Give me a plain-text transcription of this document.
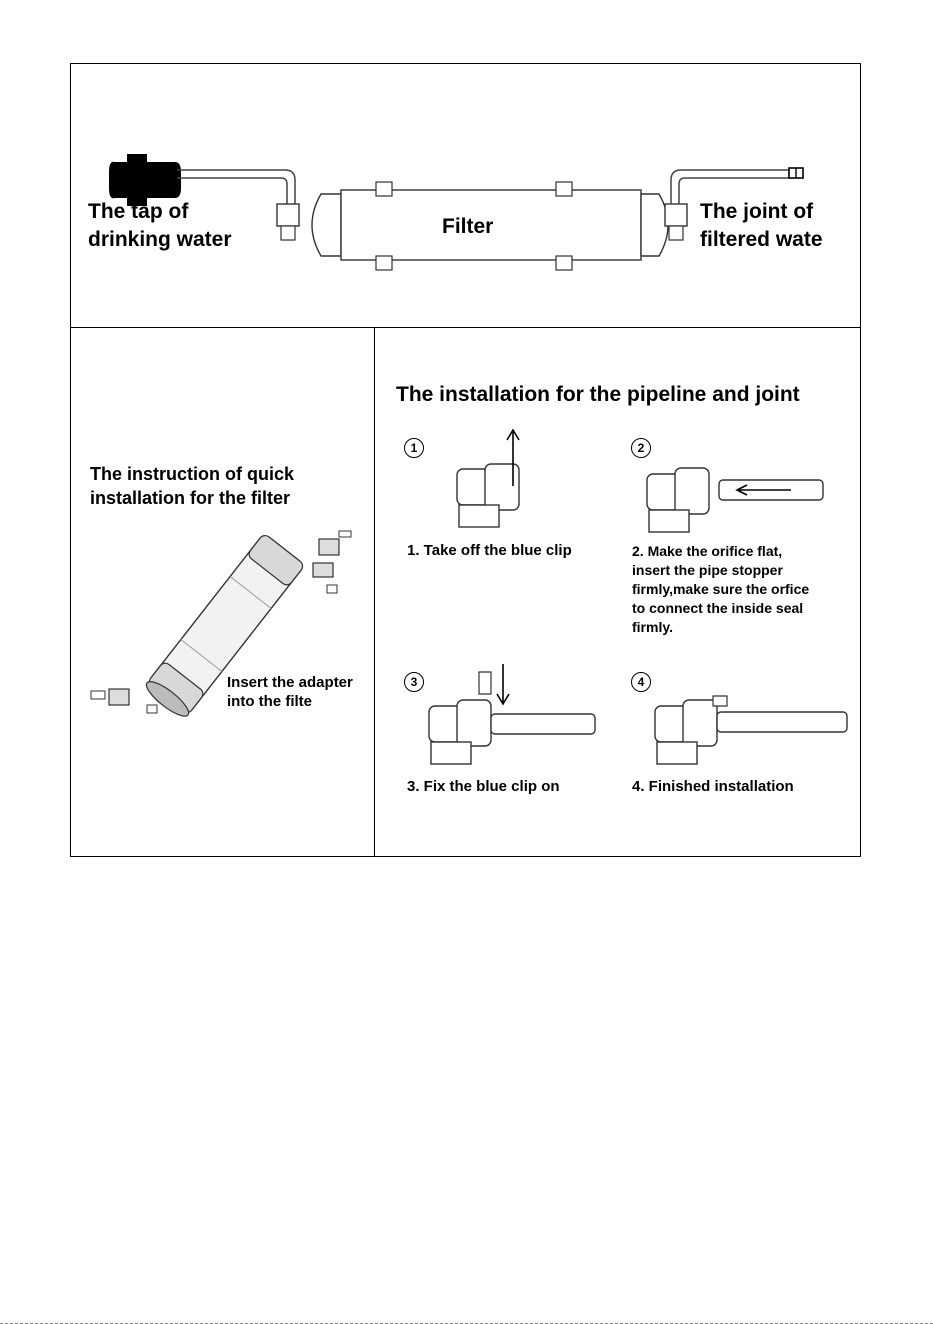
The tap of
drinking water
Filter
The joint of
filtered wate
The instruction of quick
installation for the filter
Insert the adapter
into the filte
The installation for the pipeline and joint
1
1. Take off the blue clip
2
2. Make the orifice flat,
insert the pipe stopper
firmly,make sure the orfice
to connect the inside seal
firmly.
3
3. Fix the blue clip on
4
4. Finished installation
